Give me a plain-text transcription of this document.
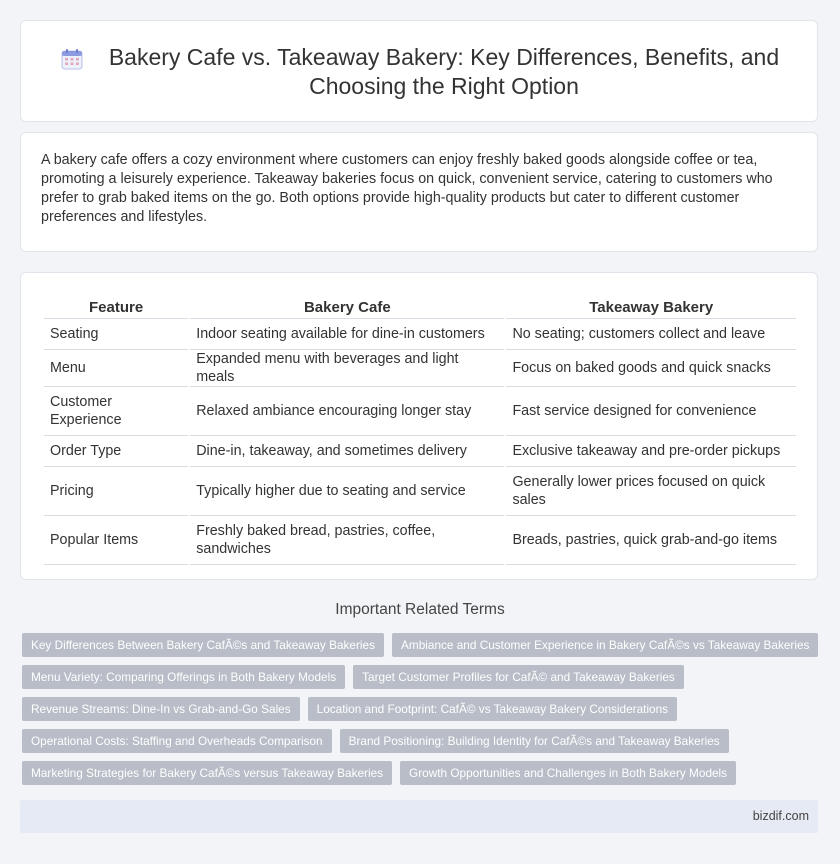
Bakery Cafe vs. Takeaway Bakery: Key Differences, Benefits, and Choosing the Right Option

A bakery cafe offers a cozy environment where customers can enjoy freshly baked goods alongside coffee or tea, promoting a leisurely experience. Takeaway bakeries focus on quick, convenient service, catering to customers who prefer to grab baked items on the go. Both options provide high-quality products but cater to different customer preferences and lifestyles.

Feature	Bakery Cafe	Takeaway Bakery
Seating	Indoor seating available for dine-in customers	No seating; customers collect and leave
Menu	Expanded menu with beverages and light meals	Focus on baked goods and quick snacks
Customer Experience	Relaxed ambiance encouraging longer stay	Fast service designed for convenience
Order Type	Dine-in, takeaway, and sometimes delivery	Exclusive takeaway and pre-order pickups
Pricing	Typically higher due to seating and service	Generally lower prices focused on quick sales
Popular Items	Freshly baked bread, pastries, coffee, sandwiches	Breads, pastries, quick grab-and-go items
Important Related Terms
Key Differences Between Bakery CafÃ©s and Takeaway Bakeries	Ambiance and Customer Experience in Bakery CafÃ©s vs Takeaway Bakeries
Menu Variety: Comparing Offerings in Both Bakery Models	Target Customer Profiles for CafÃ© and Takeaway Bakeries
Revenue Streams: Dine-In vs Grab-and-Go Sales	Location and Footprint: CafÃ© vs Takeaway Bakery Considerations
Operational Costs: Staffing and Overheads Comparison	Brand Positioning: Building Identity for CafÃ©s and Takeaway Bakeries
Marketing Strategies for Bakery CafÃ©s versus Takeaway Bakeries	Growth Opportunities and Challenges in Both Bakery Models
bizdif.com
